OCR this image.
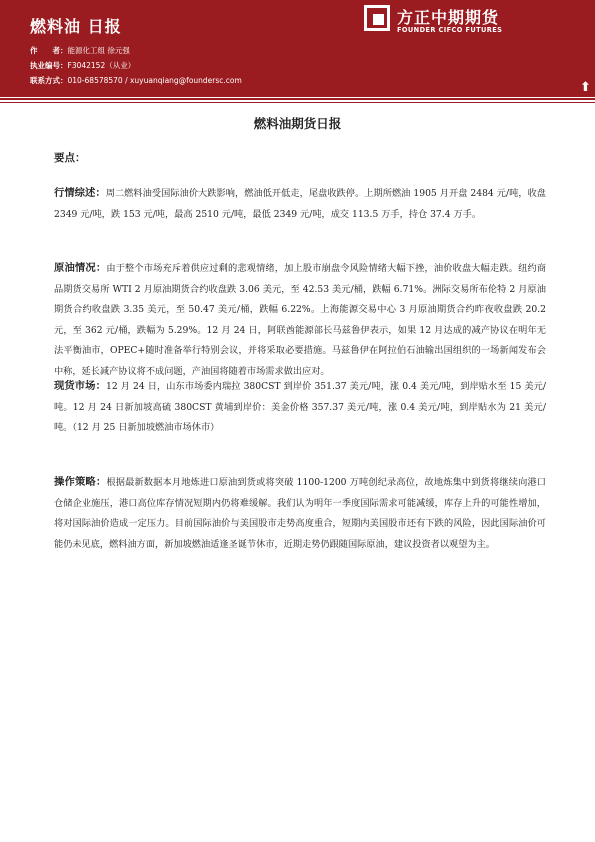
燃料油 日报
作　　者：能源化工组 徐元强
执业编号：F3042152（从业）
联系方式：010-68578570 / xuyuanqiang@foundersc.com
方正中期期货
FOUNDER CIFCO FUTURES
⬆
燃料油期货日报
要点：
行情综述：周二燃料油受国际油价大跌影响，燃油低开低走，尾盘收跌停。上期所燃油 1905 月开盘 2484 元/吨，收盘 2349 元/吨，跌 153 元/吨，最高 2510 元/吨，最低 2349 元/吨，成交 113.5 万手，持仓 37.4 万手。
原油情况：由于整个市场充斥着供应过剩的悲观情绪，加上股市崩盘令风险情绪大幅下挫，油价收盘大幅走跌。纽约商品期货交易所 WTI 2 月原油期货合约收盘跌 3.06 美元，至 42.53 美元/桶，跌幅 6.71%。洲际交易所布伦特 2 月原油期货合约收盘跌 3.35 美元，至 50.47 美元/桶，跌幅 6.22%。上海能源交易中心 3 月原油期货合约昨夜收盘跌 20.2 元，至 362 元/桶，跌幅为 5.29%。12 月 24 日，阿联酋能源部长马兹鲁伊表示，如果 12 月达成的减产协议在明年无法平衡油市，OPEC+随时准备举行特别会议，并将采取必要措施。马兹鲁伊在阿拉伯石油输出国组织的一场新闻发布会中称，延长减产协议将不成问题，产油国将随着市场需求做出应对。
现货市场：12 月 24 日，山东市场委内瑞拉 380CST 到岸价 351.37 美元/吨，涨 0.4 美元/吨，到岸贴水至 15 美元/吨。12 月 24 日新加坡高硫 380CST 黄埔到岸价：美金价格 357.37 美元/吨，涨 0.4 美元/吨，到岸贴水为 21 美元/吨。（12 月 25 日新加坡燃油市场休市）
操作策略：根据最新数据本月地炼进口原油到货或将突破 1100-1200 万吨创纪录高位，故地炼集中到货将继续向港口仓储企业施压，港口高位库存情况短期内仍将难缓解。我们认为明年一季度国际需求可能减缓，库存上升的可能性增加，将对国际油价造成一定压力。目前国际油价与美国股市走势高度重合，短期内美国股市还有下跌的风险，因此国际油价可能仍未见底，燃料油方面，新加坡燃油适逢圣诞节休市，近期走势仍跟随国际原油，建议投资者以观望为主。
